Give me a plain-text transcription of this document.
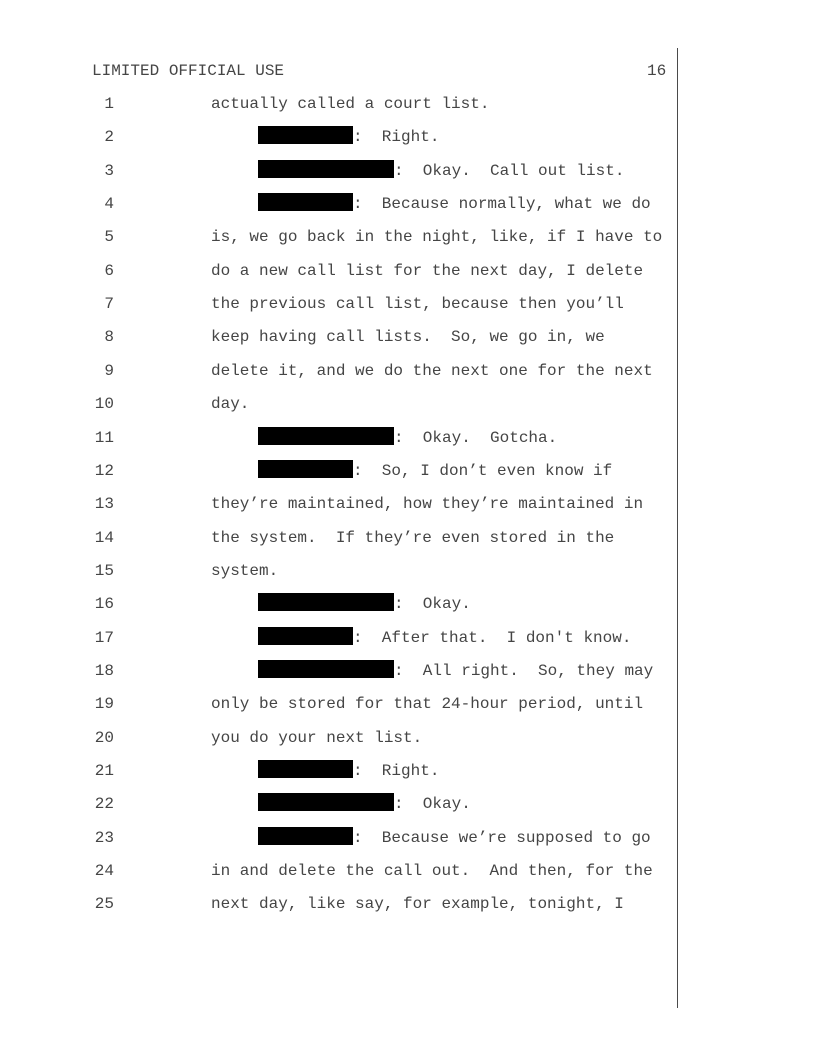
LIMITED OFFICIAL USE	16
1	actually called a court list.
2	:  Right.
3	:  Okay.  Call out list.
4	:  Because normally, what we do
5	is, we go back in the night, like, if I have to
6	do a new call list for the next day, I delete
7	the previous call list, because then you’ll
8	keep having call lists.  So, we go in, we
9	delete it, and we do the next one for the next
10	day.
11	:  Okay.  Gotcha.
12	:  So, I don’t even know if
13	they’re maintained, how they’re maintained in
14	the system.  If they’re even stored in the
15	system.
16	:  Okay.
17	:  After that.  I don't know.
18	:  All right.  So, they may
19	only be stored for that 24-hour period, until
20	you do your next list.
21	:  Right.
22	:  Okay.
23	:  Because we’re supposed to go
24	in and delete the call out.  And then, for the
25	next day, like say, for example, tonight, I
